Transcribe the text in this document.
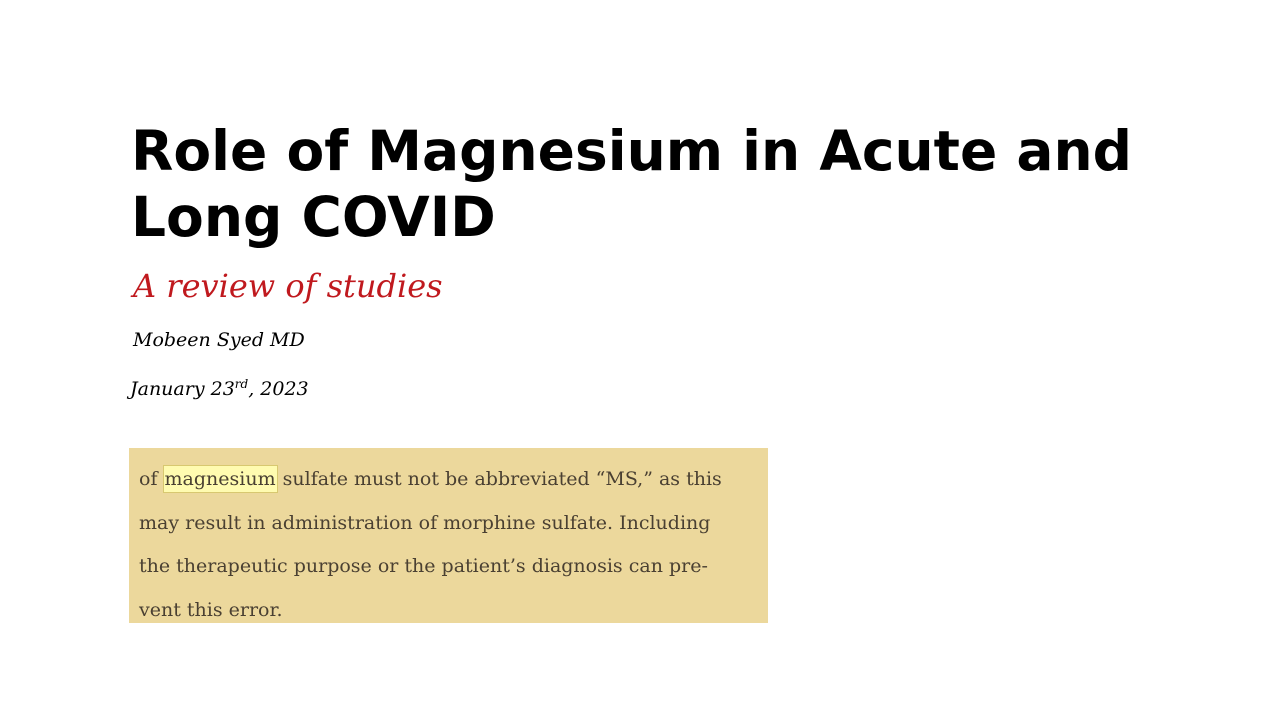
Role of Magnesium in Acute and Long COVID

A review of studies

Mobeen Syed MD

January 23rd, 2023

of magnesium sulfate must not be abbreviated “MS,” as this
may result in administration of morphine sulfate. Including
the therapeutic purpose or the patient’s diagnosis can pre-
vent this error.
